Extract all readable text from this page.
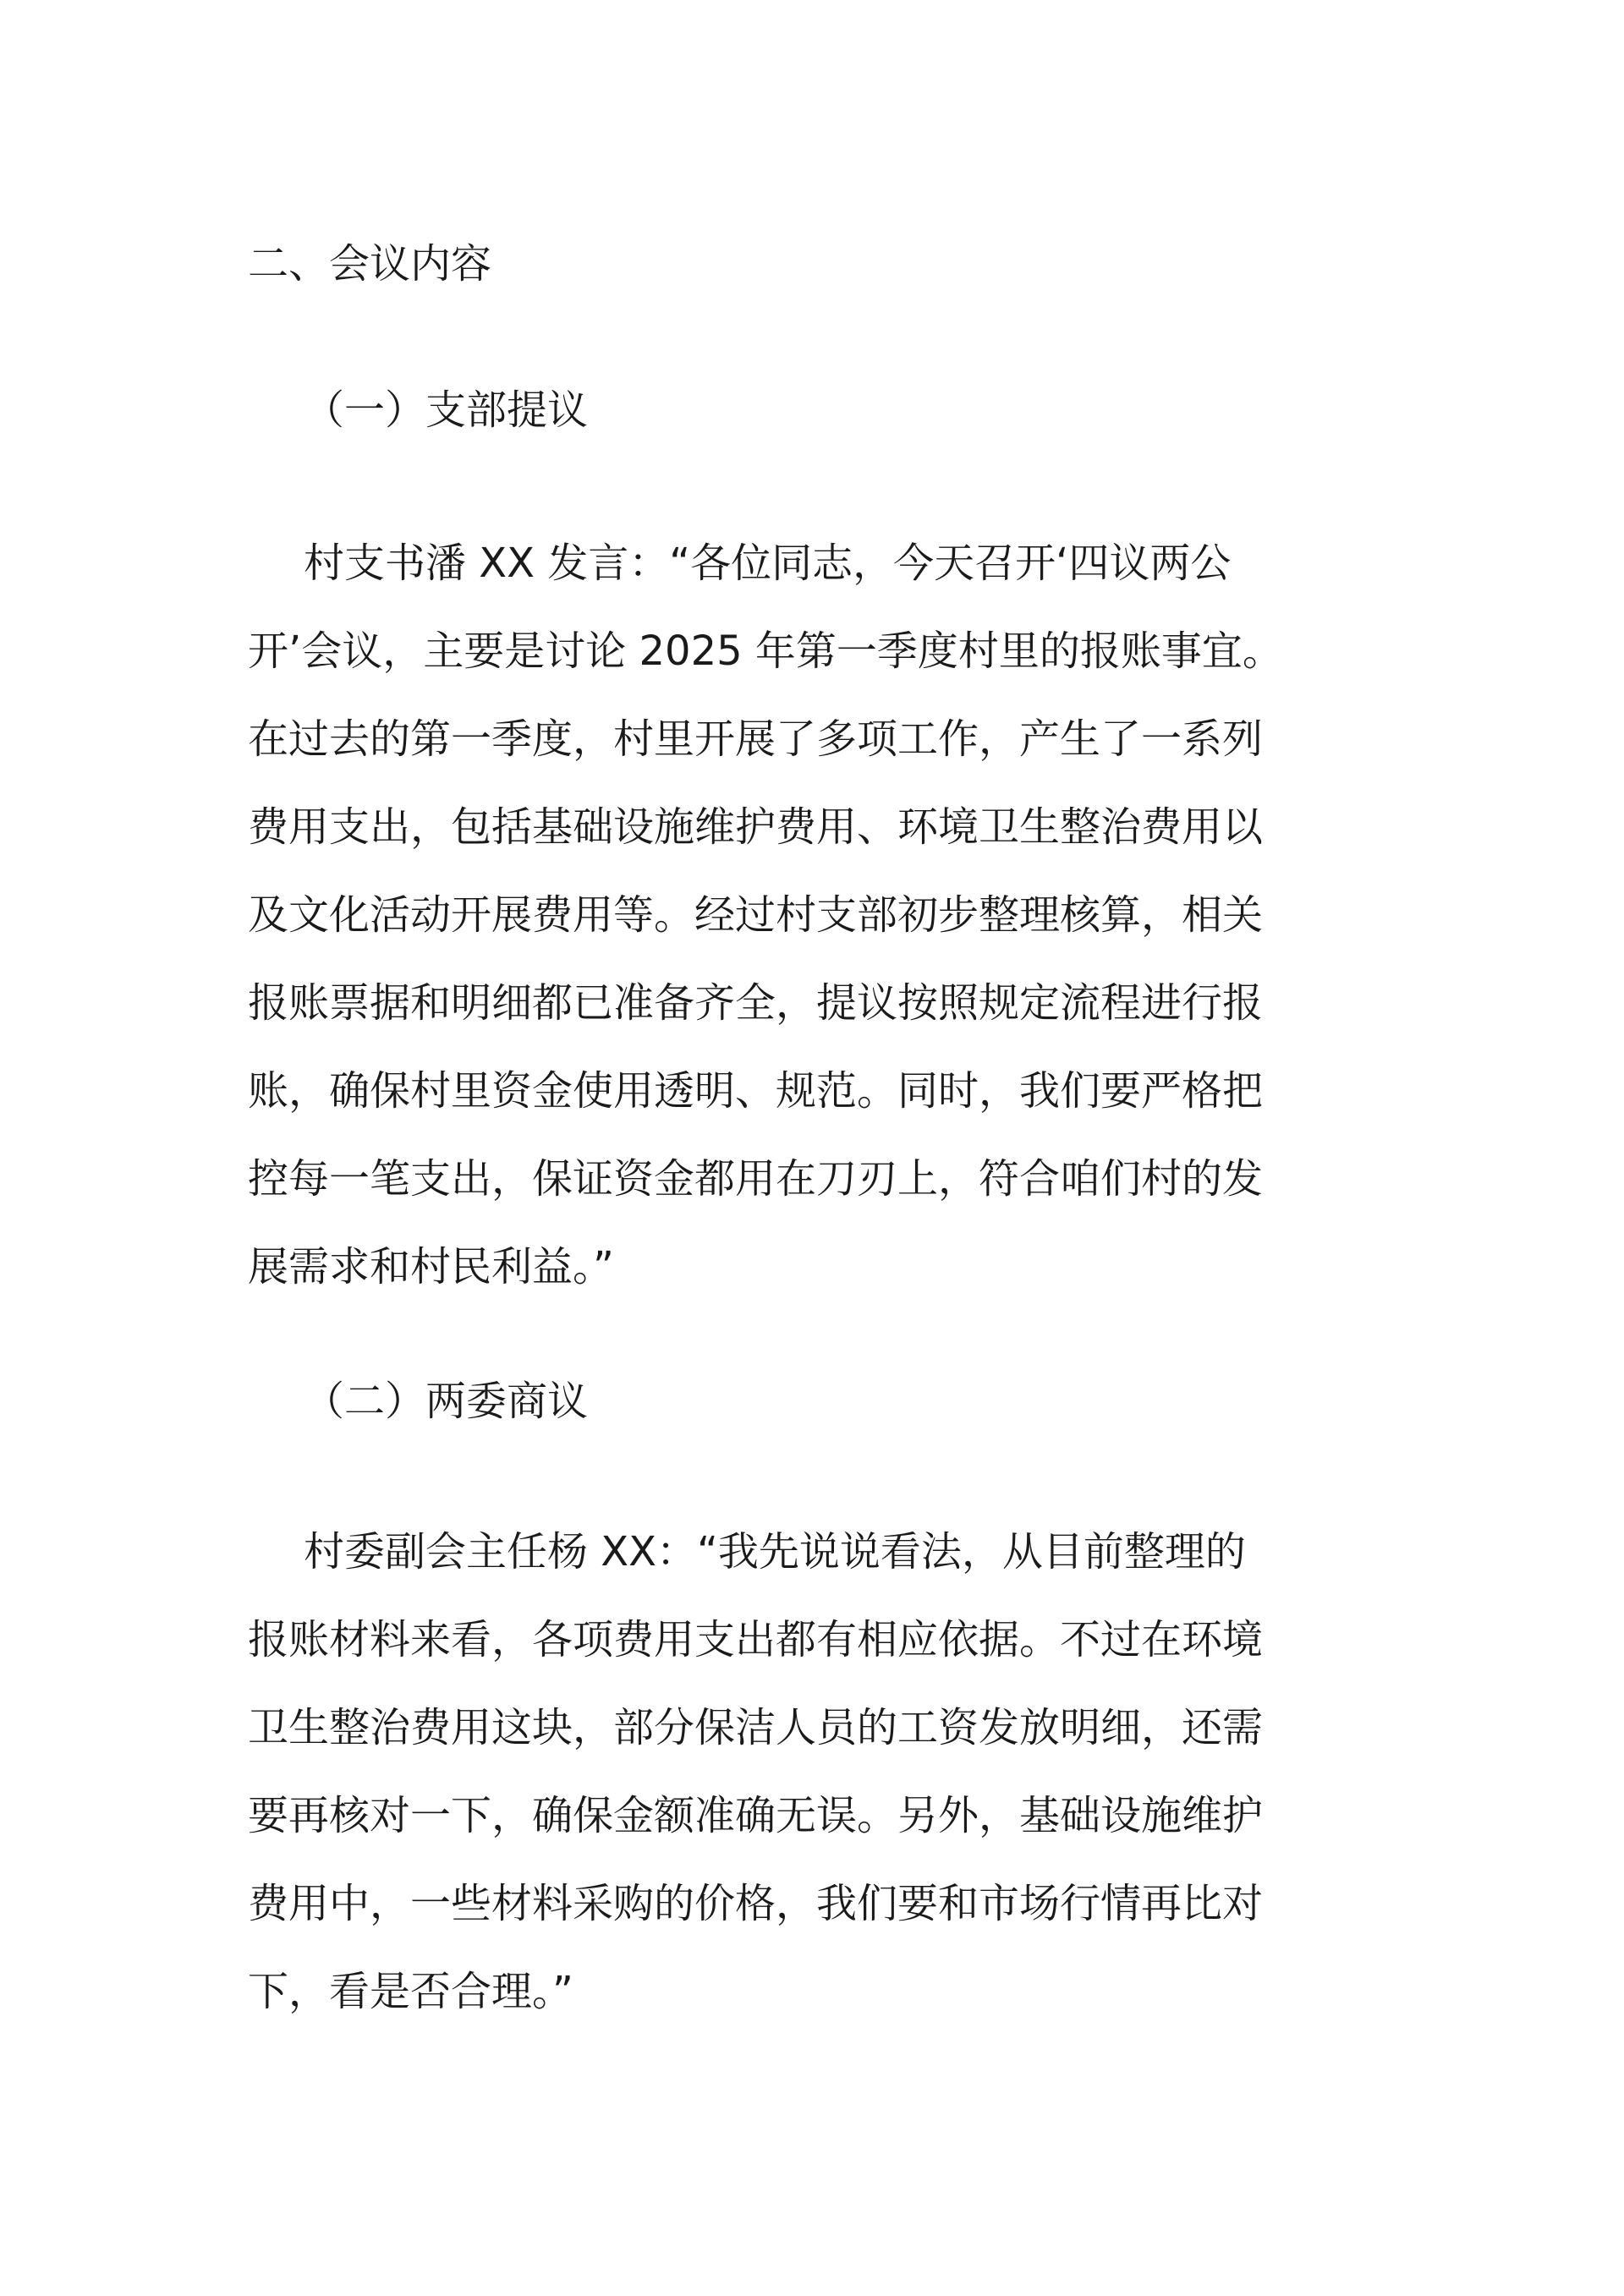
二、会议内容
（一）支部提议
村支书潘 XX 发言：“各位同志，今天召开‘四议两公
开’会议，主要是讨论 2025 年第一季度村里的报账事宜。
在过去的第一季度，村里开展了多项工作，产生了一系列
费用支出，包括基础设施维护费用、环境卫生整治费用以
及文化活动开展费用等。经过村支部初步整理核算，相关
报账票据和明细都已准备齐全，提议按照规定流程进行报
账，确保村里资金使用透明、规范。同时，我们要严格把
控每一笔支出，保证资金都用在刀刃上，符合咱们村的发
展需求和村民利益。”
（二）两委商议
村委副会主任杨 XX：“我先说说看法，从目前整理的
报账材料来看，各项费用支出都有相应依据。不过在环境
卫生整治费用这块，部分保洁人员的工资发放明细，还需
要再核对一下，确保金额准确无误。另外，基础设施维护
费用中，一些材料采购的价格，我们要和市场行情再比对
下，看是否合理。”
